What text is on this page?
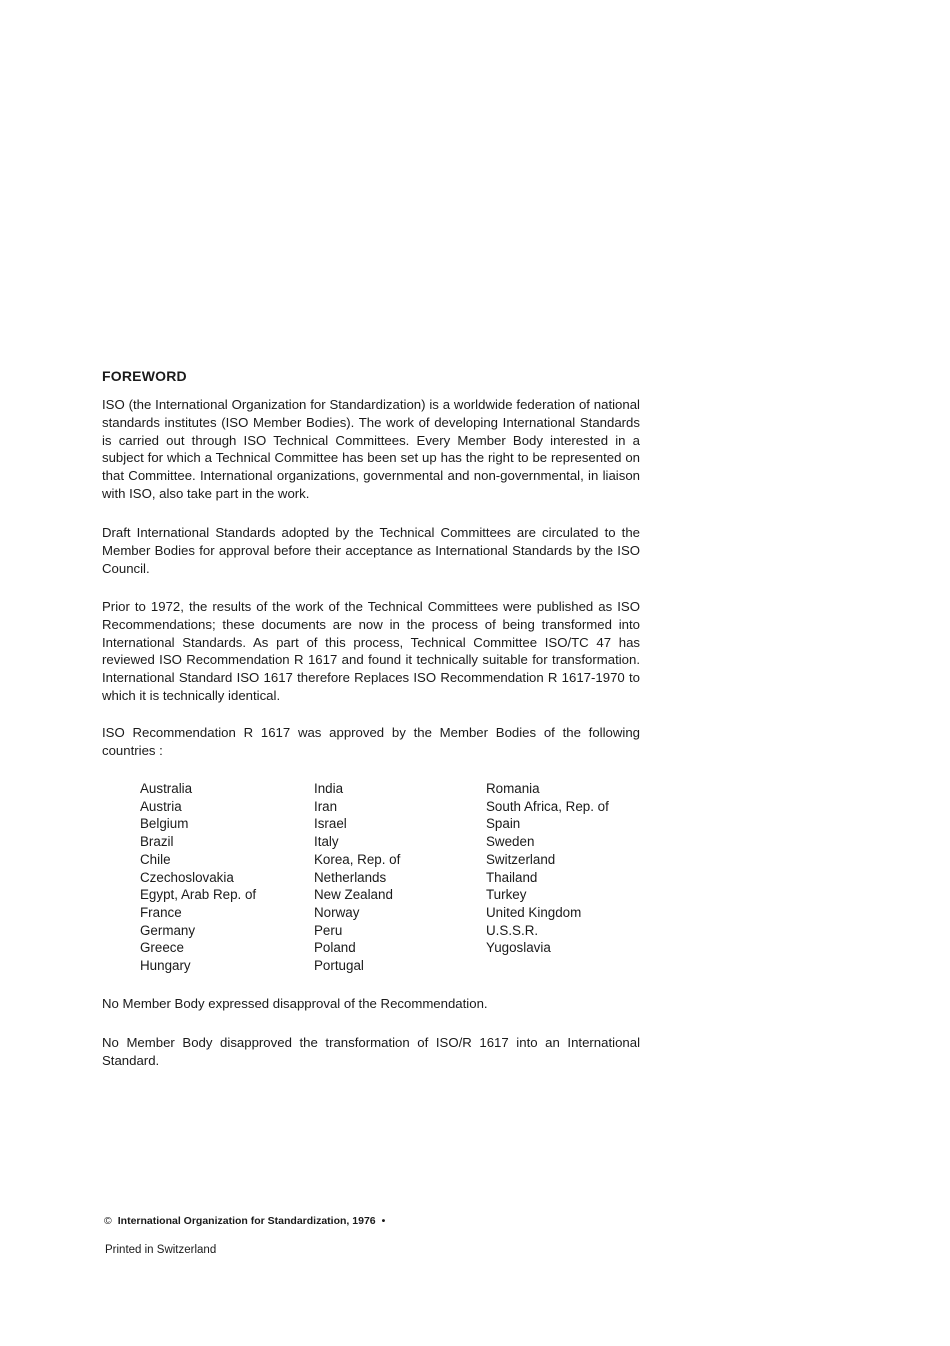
FOREWORD

ISO (the International Organization for Standardization) is a worldwide federation of national standards institutes (ISO Member Bodies). The work of developing International Standards is carried out through ISO Technical Committees. Every Member Body interested in a subject for which a Technical Committee has been set up has the right to be represented on that Committee. International organizations, governmental and non-governmental, in liaison with ISO, also take part in the work.

Draft International Standards adopted by the Technical Committees are circulated to the Member Bodies for approval before their acceptance as International Standards by the ISO Council.

Prior to 1972, the results of the work of the Technical Committees were published as ISO Recommendations; these documents are now in the process of being transformed into International Standards. As part of this process, Technical Committee ISO/TC 47 has reviewed ISO Recommendation R 1617 and found it technically suitable for transformation. International Standard ISO 1617 therefore Replaces ISO Recommendation R 1617-1970 to which it is technically identical.

ISO Recommendation R 1617 was approved by the Member Bodies of the following countries :

Australia
Austria
Belgium
Brazil
Chile
Czechoslovakia
Egypt, Arab Rep. of
France
Germany
Greece
Hungary
India
Iran
Israel
Italy
Korea, Rep. of
Netherlands
New Zealand
Norway
Peru
Poland
Portugal
Romania
South Africa, Rep. of
Spain
Sweden
Switzerland
Thailand
Turkey
United Kingdom
U.S.S.R.
Yugoslavia

No Member Body expressed disapproval of the Recommendation.

No Member Body disapproved the transformation of ISO/R 1617 into an International Standard.

© International Organization for Standardization, 1976 •
Printed in Switzerland
